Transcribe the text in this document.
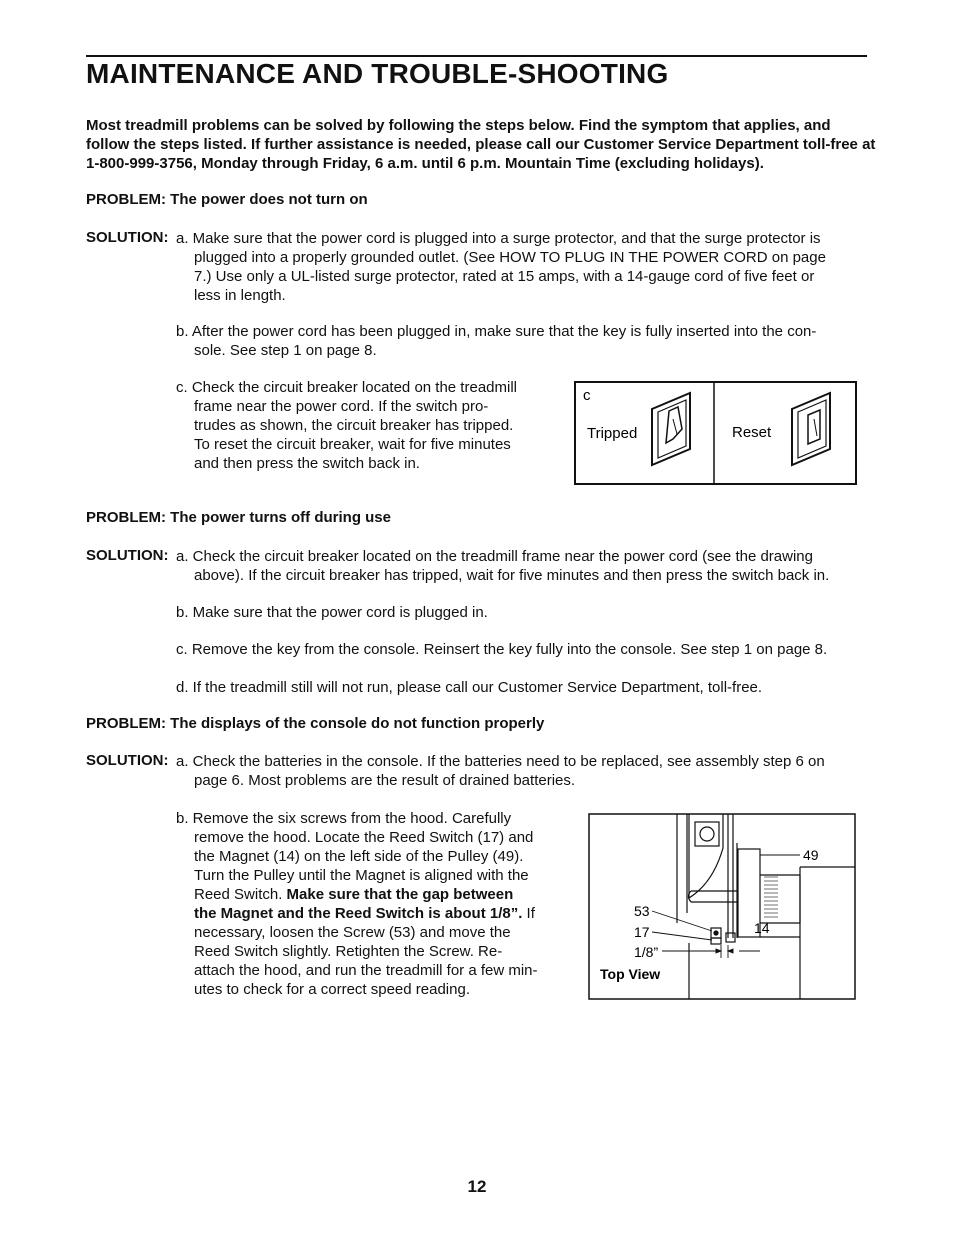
MAINTENANCE AND TROUBLE-SHOOTING
Most treadmill problems can be solved by following the steps below. Find the symptom that applies, and follow the steps listed. If further assistance is needed, please call our Customer Service Department toll-free at 1-800-999-3756, Monday through Friday, 6 a.m. until 6 p.m. Mountain Time (excluding holidays).
PROBLEM: The power does not turn on
SOLUTION: a. Make sure that the power cord is plugged into a surge protector, and that the surge protector is
plugged into a properly grounded outlet. (See HOW TO PLUG IN THE POWER CORD on page
7.) Use only a UL-listed surge protector, rated at 15 amps, with a 14-gauge cord of five feet or
less in length.
b. After the power cord has been plugged in, make sure that the key is fully inserted into the con-
sole. See step 1 on page 8.
c. Check the circuit breaker located on the treadmill
frame near the power cord. If the switch pro-
trudes as shown, the circuit breaker has tripped.
To reset the circuit breaker, wait for five minutes
and then press the switch back in.
c
Tripped	Reset
PROBLEM: The power turns off during use
SOLUTION: a. Check the circuit breaker located on the treadmill frame near the power cord (see the drawing
above). If the circuit breaker has tripped, wait for five minutes and then press the switch back in.
b. Make sure that the power cord is plugged in.
c. Remove the key from the console. Reinsert the key fully into the console. See step 1 on page 8.
d. If the treadmill still will not run, please call our Customer Service Department, toll-free.
PROBLEM: The displays of the console do not function properly
SOLUTION: a. Check the batteries in the console. If the batteries need to be replaced, see assembly step 6 on
page 6. Most problems are the result of drained batteries.
b. Remove the six screws from the hood. Carefully
remove the hood. Locate the Reed Switch (17) and
the Magnet (14) on the left side of the Pulley (49).
Turn the Pulley until the Magnet is aligned with the
Reed Switch. Make sure that the gap between
the Magnet and the Reed Switch is about 1/8”. If
necessary, loosen the Screw (53) and move the
Reed Switch slightly. Retighten the Screw. Re-
attach the hood, and run the treadmill for a few min-
utes to check for a correct speed reading.
49
53
17	14
1/8”
Top View
12
